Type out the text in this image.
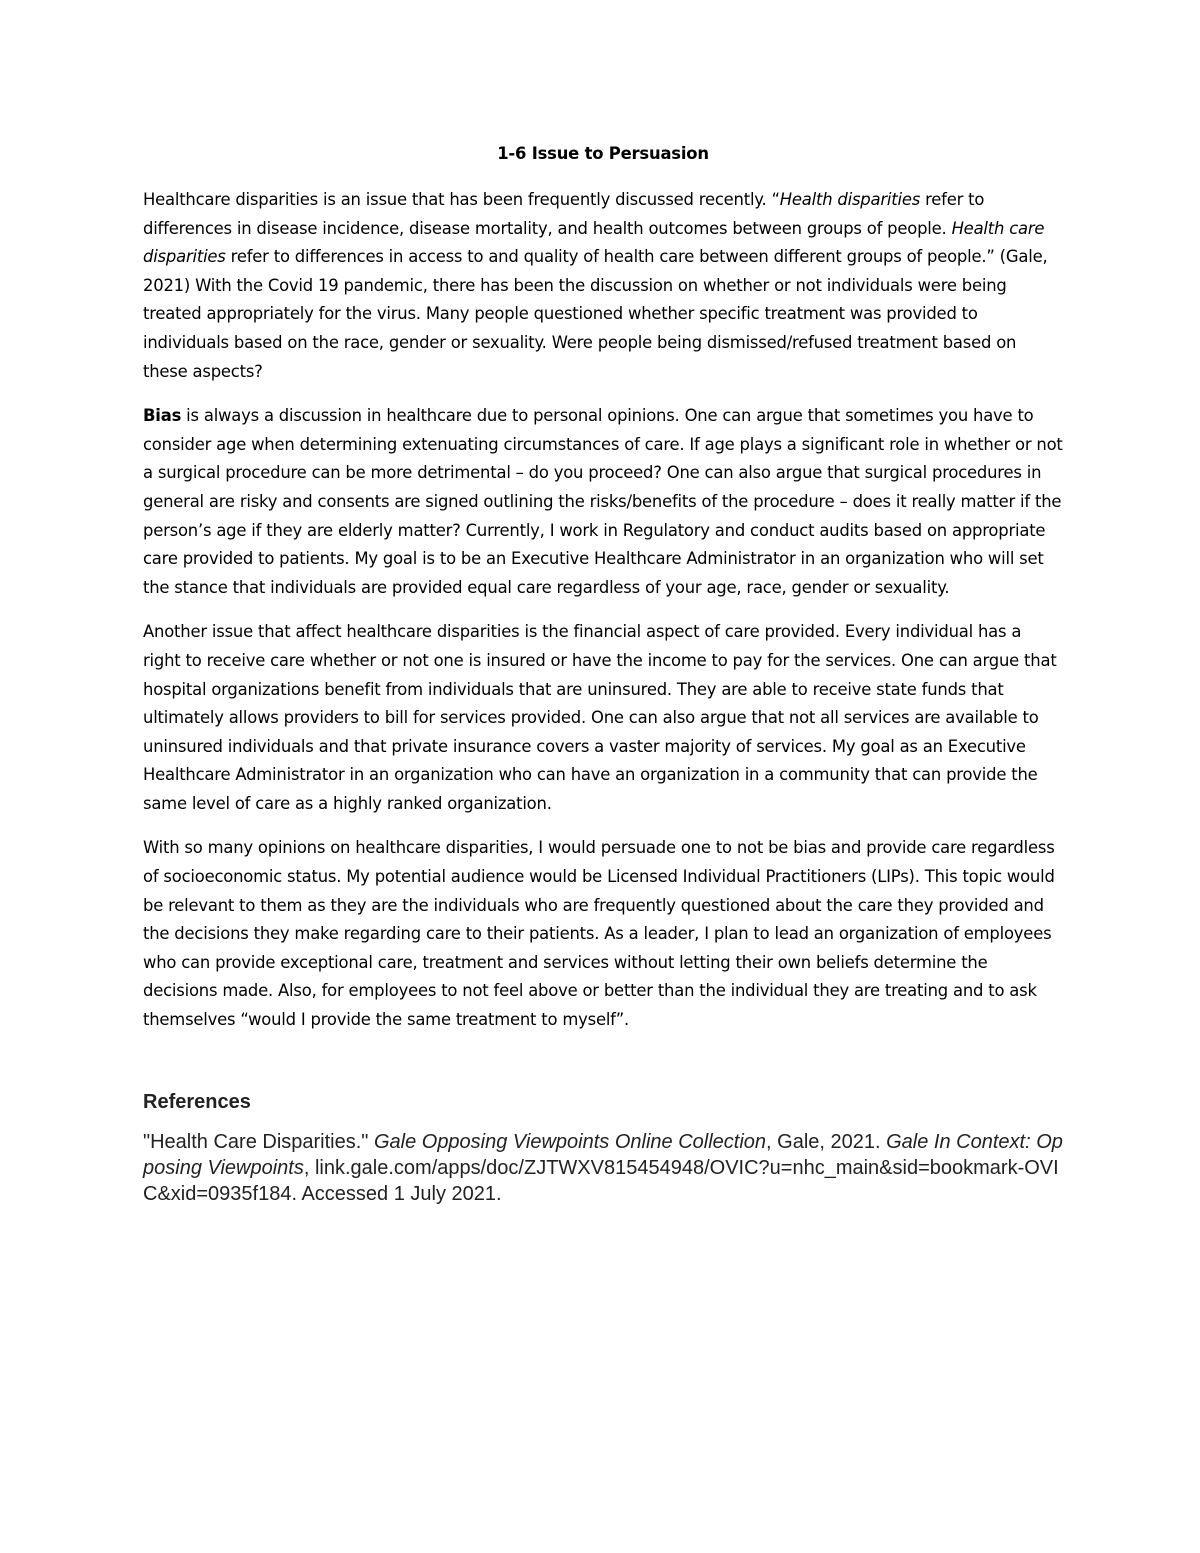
1-6 Issue to Persuasion
Healthcare disparities is an issue that has been frequently discussed recently. “Health disparities refer to differences in disease incidence, disease mortality, and health outcomes between groups of people. Health care disparities refer to differences in access to and quality of health care between different groups of people.” (Gale, 2021) With the Covid 19 pandemic, there has been the discussion on whether or not individuals were being treated appropriately for the virus. Many people questioned whether specific treatment was provided to individuals based on the race, gender or sexuality. Were people being dismissed/refused treatment based on these aspects?
Bias is always a discussion in healthcare due to personal opinions. One can argue that sometimes you have to consider age when determining extenuating circumstances of care. If age plays a significant role in whether or not a surgical procedure can be more detrimental – do you proceed? One can also argue that surgical procedures in general are risky and consents are signed outlining the risks/benefits of the procedure – does it really matter if the person’s age if they are elderly matter? Currently, I work in Regulatory and conduct audits based on appropriate care provided to patients. My goal is to be an Executive Healthcare Administrator in an organization who will set the stance that individuals are provided equal care regardless of your age, race, gender or sexuality.
Another issue that affect healthcare disparities is the financial aspect of care provided. Every individual has a right to receive care whether or not one is insured or have the income to pay for the services. One can argue that hospital organizations benefit from individuals that are uninsured. They are able to receive state funds that ultimately allows providers to bill for services provided. One can also argue that not all services are available to uninsured individuals and that private insurance covers a vaster majority of services. My goal as an Executive Healthcare Administrator in an organization who can have an organization in a community that can provide the same level of care as a highly ranked organization.
With so many opinions on healthcare disparities, I would persuade one to not be bias and provide care regardless of socioeconomic status. My potential audience would be Licensed Individual Practitioners (LIPs). This topic would be relevant to them as they are the individuals who are frequently questioned about the care they provided and the decisions they make regarding care to their patients. As a leader, I plan to lead an organization of employees who can provide exceptional care, treatment and services without letting their own beliefs determine the decisions made. Also, for employees to not feel above or better than the individual they are treating and to ask themselves “would I provide the same treatment to myself”.
References
"Health Care Disparities." Gale Opposing Viewpoints Online Collection, Gale, 2021. Gale In Context: Opposing Viewpoints, link.gale.com/apps/doc/ZJTWXV815454948/OVIC?u=nhc_main&sid=bookmark-OVIC&xid=0935f184. Accessed 1 July 2021.
